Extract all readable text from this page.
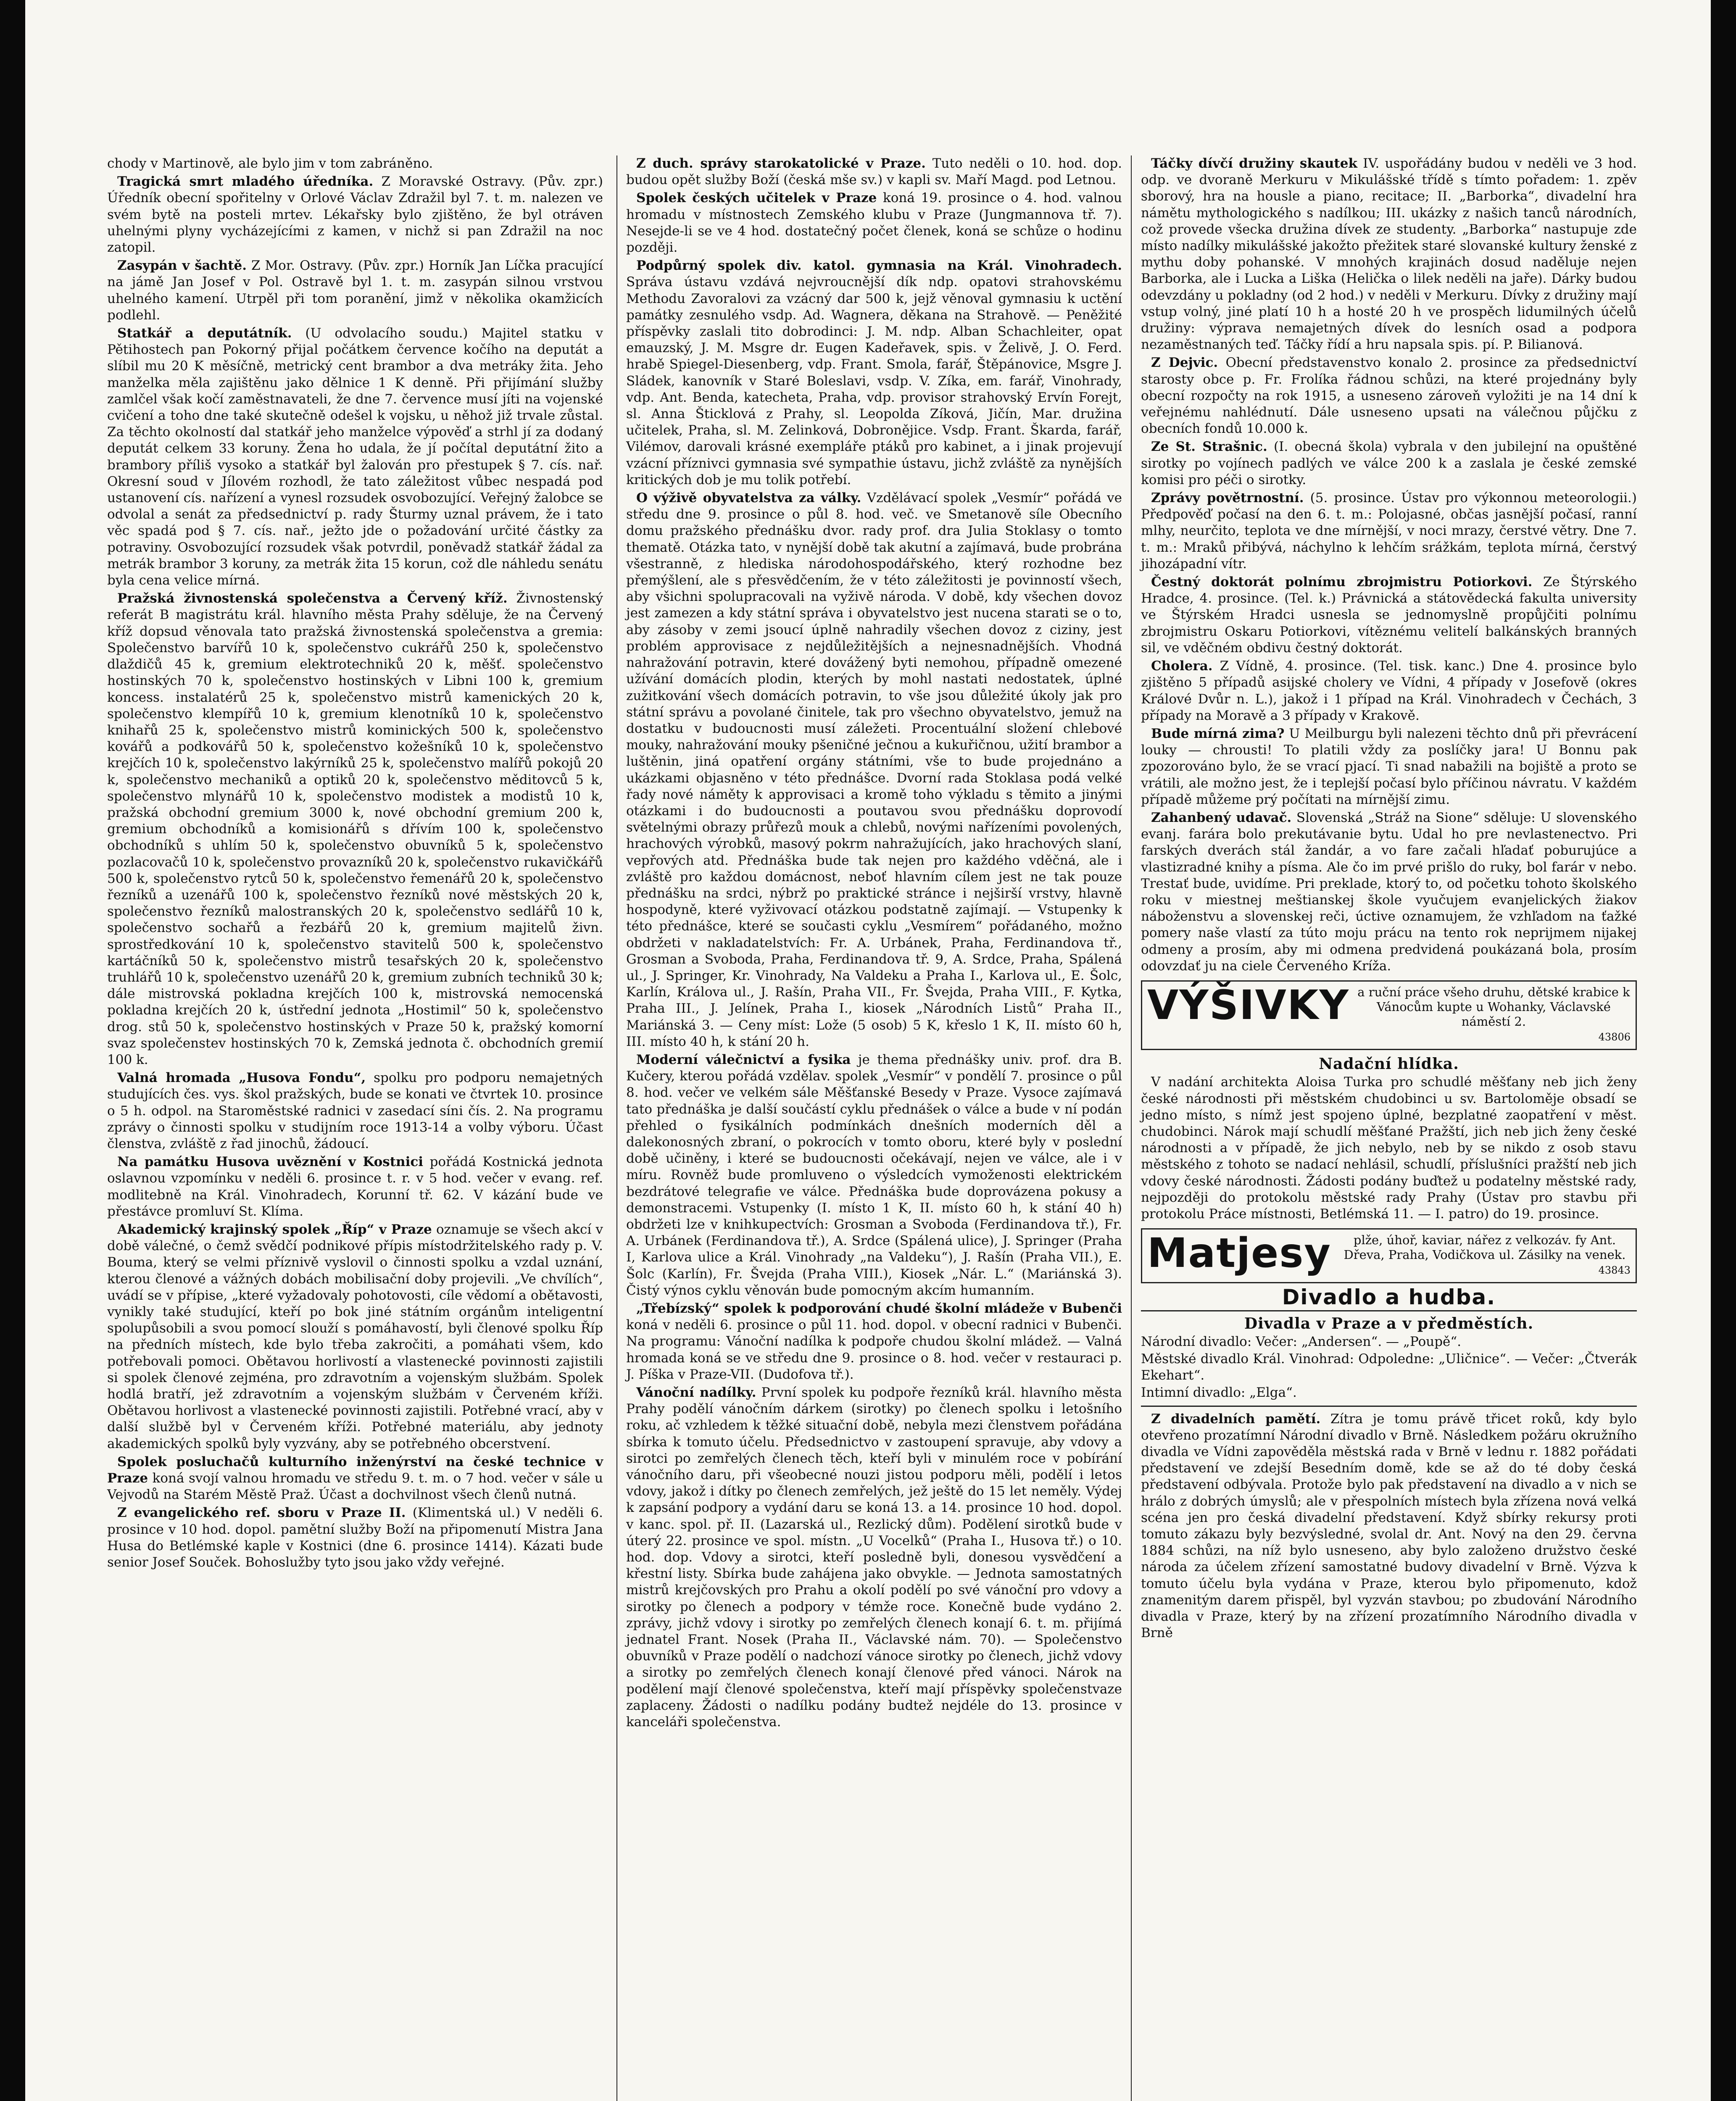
chody v Martinově, ale bylo jim v tom zabráněno.

Tragická smrt mladého úředníka. Z Moravské Ostravy. (Pův. zpr.) Úředník obecní spořitelny v Orlové Václav Zdražil byl 7. t. m. nalezen ve svém bytě na posteli mrtev. Lékařsky bylo zjištěno, že byl otráven uhelnými plyny vycházejícími z kamen, v nichž si pan Zdražil na noc zatopil.

Zasypán v šachtě. Z Mor. Ostravy. (Pův. zpr.) Horník Jan Líčka pracující na jámě Jan Josef v Pol. Ostravě byl 1. t. m. zasypán silnou vrstvou uhelného kamení. Utrpěl při tom poranění, jimž v několika okamžicích podlehl.

Statkář a deputátník. (U odvolacího soudu.) Majitel statku v Pětihostech pan Pokorný přijal počátkem července kočího na deputát a slíbil mu 20 K měsíčně, metrický cent brambor a dva metráky žita. Jeho manželka měla zajištěnu jako dělnice 1 K denně. Při přijímání služby zamlčel však kočí zaměstnavateli, že dne 7. července musí jíti na vojenské cvičení a toho dne také skutečně odešel k vojsku, u něhož již trvale zůstal. Za těchto okolností dal statkář jeho manželce výpověď a strhl jí za dodaný deputát celkem 33 koruny. Žena ho udala, že jí počítal deputátní žito a brambory příliš vysoko a statkář byl žalován pro přestupek § 7. cís. nař. Okresní soud v Jílovém rozhodl, že tato záležitost vůbec nespadá pod ustanovení cís. nařízení a vynesl rozsudek osvobozující. Veřejný žalobce se odvolal a senát za předsednictví p. rady Šturmy uznal právem, že i tato věc spadá pod § 7. cís. nař., ježto jde o požadování určité částky za potraviny. Osvobozující rozsudek však potvrdil, poněvadž statkář žádal za metrák brambor 3 koruny, za metrák žita 15 korun, což dle náhledu senátu byla cena velice mírná.

Pražská živnostenská společenstva a Červený kříž. Živnostenský referát B magistrátu král. hlavního města Prahy sděluje, že na Červený kříž dopsud věnovala tato pražská živnostenská společenstva a gremia: Společenstvo barvířů 10 k, společenstvo cukrářů 250 k, společenstvo dlaždičů 45 k, gremium elektrotechniků 20 k, měšť. společenstvo hostinských 70 k, společenstvo hostinských v Libni 100 k, gremium koncess. instalatérů 25 k, společenstvo mistrů kamenických 20 k, společenstvo klempířů 10 k, gremium klenotníků 10 k, společenstvo knihařů 25 k, společenstvo mistrů kominických 500 k, společenstvo kovářů a podkovářů 50 k, společenstvo kožešníků 10 k, společenstvo krejčích 10 k, společenstvo lakýrníků 25 k, společenstvo malířů pokojů 20 k, společenstvo mechaniků a optiků 20 k, společenstvo měditovců 5 k, společenstvo mlynářů 10 k, společenstvo modistek a modistů 10 k, pražská obchodní gremium 3000 k, nové obchodní gremium 200 k, gremium obchodníků a komisionářů s dřívím 100 k, společenstvo obchodníků s uhlím 50 k, společenstvo obuvníků 5 k, společenstvo pozlacovačů 10 k, společenstvo provazníků 20 k, společenstvo rukavičkářů 500 k, společenstvo rytců 50 k, společenstvo řemenářů 20 k, společenstvo řezníků a uzenářů 100 k, společenstvo řezníků nové městských 20 k, společenstvo řezníků malostranských 20 k, společenstvo sedlářů 10 k, společenstvo sochařů a řezbářů 20 k, gremium majitelů živn. sprostředkování 10 k, společenstvo stavitelů 500 k, společenstvo kartáčníků 50 k, společenstvo mistrů tesařských 20 k, společenstvo truhlářů 10 k, společenstvo uzenářů 20 k, gremium zubních techniků 30 k; dále mistrovská pokladna krejčích 100 k, mistrovská nemocenská pokladna krejčích 20 k, ústřední jednota „Hostimil“ 50 k, společenstvo drog. stů 50 k, společenstvo hostinských v Praze 50 k, pražský komorní svaz společenstev hostinských 70 k, Zemská jednota č. obchodních gremií 100 k.

Valná hromada „Husova Fondu“, spolku pro podporu nemajetných studujících čes. vys. škol pražských, bude se konati ve čtvrtek 10. prosince o 5 h. odpol. na Staroměstské radnici v zasedací síni čís. 2. Na programu zprávy o činnosti spolku v studijním roce 1913-14 a volby výboru. Účast členstva, zvláště z řad jinochů, žádoucí.

Na památku Husova uvěznění v Kostnici pořádá Kostnická jednota oslavnou vzpomínku v neděli 6. prosince t. r. v 5 hod. večer v evang. ref. modlitebně na Král. Vinohradech, Korunní tř. 62. V kázání bude ve přestávce promluví St. Klíma.

Akademický krajinský spolek „Říp“ v Praze oznamuje se všech akcí v době válečné, o čemž svědčí podnikové přípis místodržitelského rady p. V. Bouma, který se velmi příznivě vyslovil o činnosti spolku a vzdal uznání, kterou členové a vážných dobách mobilisační doby projevili. „Ve chvílích“, uvádí se v přípise, „které vyžadovaly pohotovosti, cíle vědomí a obětavosti, vynikly také studující, kteří po bok jiné státním orgánům inteligentní spolupůsobili a svou pomocí slouží s pomáhavostí, byli členové spolku Říp na předních místech, kde bylo třeba zakročiti, a pomáhati všem, kdo potřebovali pomoci. Obětavou horlivostí a vlastenecké povinnosti zajistili si spolek členové zejména, pro zdravotním a vojenským službám. Spolek hodlá bratří, jež zdravotním a vojenským službám v Červeném kříži. Obětavou horlivost a vlastenecké povinnosti zajistili. Potřebné vrací, aby v další službě byl v Červeném kříži. Potřebné materiálu, aby jednoty akademických spolků byly vyzvány, aby se potřebného obcerstvení.

Spolek posluchačů kulturního inženýrství na české technice v Praze koná svojí valnou hromadu ve středu 9. t. m. o 7 hod. večer v sále u Vejvodů na Starém Městě Praž. Účast a dochvilnost všech členů nutná.

Z evangelického ref. sboru v Praze II. (Klimentská ul.) V neděli 6. prosince v 10 hod. dopol. pamětní služby Boží na připomenutí Mistra Jana Husa do Betlémské kaple v Kostnici (dne 6. prosince 1414). Kázati bude senior Josef Souček. Bohoslužby tyto jsou jako vždy veřejné.

Z duch. správy starokatolické v Praze. Tuto neděli o 10. hod. dop. budou opět služby Boží (česká mše sv.) v kapli sv. Maří Magd. pod Letnou.

Spolek českých učitelek v Praze koná 19. prosince o 4. hod. valnou hromadu v místnostech Zemského klubu v Praze (Jungmannova tř. 7). Nesejde-li se ve 4 hod. dostatečný počet členek, koná se schůze o hodinu později.

Podpůrný spolek div. katol. gymnasia na Král. Vinohradech. Správa ústavu vzdává nejvroucnější dík ndp. opatovi strahovskému Methodu Zavoralovi za vzácný dar 500 k, jejž věnoval gymnasiu k uctění památky zesnulého vsdp. Ad. Wagnera, děkana na Strahově. — Peněžité příspěvky zaslali tito dobrodinci: J. M. ndp. Alban Schachleiter, opat emauzský, J. M. Msgre dr. Eugen Kadeřavek, spis. v Želivě, J. O. Ferd. hrabě Spiegel-Diesenberg, vdp. Frant. Smola, farář, Štěpánovice, Msgre J. Sládek, kanovník v Staré Boleslavi, vsdp. V. Zíka, em. farář, Vinohrady, vdp. Ant. Benda, katecheta, Praha, vdp. provisor strahovský Ervín Forejt, sl. Anna Šticklová z Prahy, sl. Leopolda Zíková, Jičín, Mar. družina učitelek, Praha, sl. M. Zelinková, Dobronějice. Vsdp. Frant. Škarda, farář, Vilémov, darovali krásné exempláře ptáků pro kabinet, a i jinak projevují vzácní příznivci gymnasia své sympathie ústavu, jichž zvláště za nynějších kritických dob je mu tolik potřebí.

O výživě obyvatelstva za války. Vzdělávací spolek „Vesmír“ pořádá ve středu dne 9. prosince o půl 8. hod. več. ve Smetanově síle Obecního domu pražského přednášku dvor. rady prof. dra Julia Stoklasy o tomto thematě. Otázka tato, v nynější době tak akutní a zajímavá, bude probrána všestranně, z hlediska národohospodářského, který rozhodne bez přemýšlení, ale s přesvědčením, že v této záležitosti je povinností všech, aby všichni spolupracovali na vyživě národa. V době, kdy všechen dovoz jest zamezen a kdy státní správa i obyvatelstvo jest nucena starati se o to, aby zásoby v zemi jsoucí úplně nahradily všechen dovoz z ciziny, jest problém approvisace z nejdůležitějších a nejnesnadnějších. Vhodná nahražování potravin, které dovážený byti nemohou, případně omezené užívání domácích plodin, kterých by mohl nastati nedostatek, úplné zužitkování všech domácích potravin, to vše jsou důležité úkoly jak pro státní správu a povolané činitele, tak pro všechno obyvatelstvo, jemuž na dostatku v budoucnosti musí záležeti. Procentuální složení chlebové mouky, nahražování mouky pšeničné ječnou a kukuřičnou, užití brambor a luštěnin, jiná opatření orgány státními, vše to bude projednáno a ukázkami objasněno v této přednášce. Dvorní rada Stoklasa podá velké řady nové náměty k approvisaci a kromě toho výkladu s těmito a jinými otázkami i do budoucnosti a poutavou svou přednášku doprovodí světelnými obrazy průřezů mouk a chlebů, novými nařízeními povolených, hrachových výrobků, masový pokrm nahražujících, jako hrachových slaní, vepřových atd. Přednáška bude tak nejen pro každého vděčná, ale i zvláště pro každou domácnost, neboť hlavním cílem jest ne tak pouze přednášku na srdci, nýbrž po praktické stránce i nejširší vrstvy, hlavně hospodyně, které vyživovací otázkou podstatně zajímají. — Vstupenky k této přednášce, které se současti cyklu „Vesmírem“ pořádaného, možno obdržeti v nakladatelstvích: Fr. A. Urbánek, Praha, Ferdinandova tř., Grosman a Svoboda, Praha, Ferdinandova tř. 9, A. Srdce, Praha, Spálená ul., J. Springer, Kr. Vinohrady, Na Valdeku a Praha I., Karlova ul., E. Šolc, Karlín, Králova ul., J. Rašín, Praha VII., Fr. Švejda, Praha VIII., F. Kytka, Praha III., J. Jelínek, Praha I., kiosek „Národních Listů“ Praha II., Mariánská 3. — Ceny míst: Lože (5 osob) 5 K, křeslo 1 K, II. místo 60 h, III. místo 40 h, k stání 20 h.

Moderní válečnictví a fysika je thema přednášky univ. prof. dra B. Kučery, kterou pořádá vzdělav. spolek „Vesmír“ v pondělí 7. prosince o půl 8. hod. večer ve velkém sále Měšťanské Besedy v Praze. Vysoce zajímavá tato přednáška je další součástí cyklu přednášek o válce a bude v ní podán přehled o fysikálních podmínkách dnešních moderních děl a dalekonosných zbraní, o pokrocích v tomto oboru, které byly v poslední době učiněny, i které se budoucnosti očekávají, nejen ve válce, ale i v míru. Rovněž bude promluveno o výsledcích vymoženosti elektrickém bezdrátové telegrafie ve válce. Přednáška bude doprovázena pokusy a demonstracemi. Vstupenky (I. místo 1 K, II. místo 60 h, k stání 40 h) obdržeti lze v knihkupectvích: Grosman a Svoboda (Ferdinandova tř.), Fr. A. Urbánek (Ferdinandova tř.), A. Srdce (Spálená ulice), J. Springer (Praha I, Karlova ulice a Král. Vinohrady „na Valdeku“), J. Rašín (Praha VII.), E. Šolc (Karlín), Fr. Švejda (Praha VIII.), Kiosek „Nár. L.“ (Mariánská 3). Čistý výnos cyklu věnován bude pomocným akcím humanním.

„Třebízský“ spolek k podporování chudé školní mládeže v Bubenči koná v neděli 6. prosince o půl 11. hod. dopol. v obecní radnici v Bubenči. Na programu: Vánoční nadílka k podpoře chudou školní mládež. — Valná hromada koná se ve středu dne 9. prosince o 8. hod. večer v restauraci p. J. Píška v Praze-VII. (Dudofova tř.).

Vánoční nadílky. První spolek ku podpoře řezníků král. hlavního města Prahy podělí vánočním dárkem (sirotky) po členech spolku i letošního roku, ač vzhledem k těžké situační době, nebyla mezi členstvem pořádána sbírka k tomuto účelu. Předsednictvo v zastoupení spravuje, aby vdovy a sirotci po zemřelých členech těch, kteří byli v minulém roce v pobírání vánočního daru, při všeobecné nouzi jistou podporu měli, podělí i letos vdovy, jakož i dítky po členech zemřelých, jež ještě do 15 let neměly. Výdej k zapsání podpory a vydání daru se koná 13. a 14. prosince 10 hod. dopol. v kanc. spol. př. II. (Lazarská ul., Rezlický dům). Podělení sirotků bude v úterý 22. prosince ve spol. místn. „U Vocelků“ (Praha I., Husova tř.) o 10. hod. dop. Vdovy a sirotci, kteří posledně byli, donesou vysvědčení a křestní listy. Sbírka bude zahájena jako obvykle. — Jednota samostatných mistrů krejčovských pro Prahu a okolí podělí po své vánoční pro vdovy a sirotky po členech a podpory v témže roce. Konečně bude vydáno 2. zprávy, jichž vdovy i sirotky po zemřelých členech konají 6. t. m. přijímá jednatel Frant. Nosek (Praha II., Václavské nám. 70). — Společenstvo obuvníků v Praze podělí o nadchozí vánoce sirotky po členech, jichž vdovy a sirotky po zemřelých členech konají členové před vánoci. Nárok na podělení mají členové společenstva, kteří mají příspěvky společenstvaze zaplaceny. Žádosti o nadílku podány budtež nejdéle do 13. prosince v kanceláři společenstva.

Táčky dívčí družiny skautek IV. uspořádány budou v neděli ve 3 hod. odp. ve dvoraně Merkuru v Mikulášské třídě s tímto pořadem: 1. zpěv sborový, hra na housle a piano, recitace; II. „Barborka“, divadelní hra námětu mythologického s nadílkou; III. ukázky z našich tanců národních, což provede všecka družina dívek ze studenty. „Barborka“ nastupuje zde místo nadílky mikulášské jakožto přežitek staré slovanské kultury ženské z mythu doby pohanské. V mnohých krajinách dosud naděluje nejen Barborka, ale i Lucka a Liška (Helička o lilek neděli na jaře). Dárky budou odevzdány u pokladny (od 2 hod.) v neděli v Merkuru. Dívky z družiny mají vstup volný, jiné platí 10 h a hosté 20 h ve prospěch lidumilných účelů družiny: výprava nemajetných dívek do lesních osad a podpora nezaměstnaných teď. Táčky řídí a hru napsala spis. pí. P. Bilianová.

Z Dejvic. Obecní představenstvo konalo 2. prosince za předsednictví starosty obce p. Fr. Frolíka řádnou schůzi, na které projednány byly obecní rozpočty na rok 1915, a usneseno zároveň vyložiti je na 14 dní k veřejnému nahlédnutí. Dále usneseno upsati na válečnou půjčku z obecních fondů 10.000 k.

Ze St. Strašnic. (I. obecná škola) vybrala v den jubilejní na opuštěné sirotky po vojínech padlých ve válce 200 k a zaslala je české zemské komisi pro péči o sirotky.

Zprávy povětrnostní. (5. prosince. Ústav pro výkonnou meteorologii.) Předpověď počasí na den 6. t. m.: Polojasné, občas jasnější počasí, ranní mlhy, neurčito, teplota ve dne mírnější, v noci mrazy, čerstvé větry. Dne 7. t. m.: Mraků přibývá, náchylno k lehčím srážkám, teplota mírná, čerstvý jihozápadní vítr.

Čestný doktorát polnímu zbrojmistru Potiorkovi. Ze Štýrského Hradce, 4. prosince. (Tel. k.) Právnická a státovědecká fakulta university ve Štýrském Hradci usnesla se jednomyslně propůjčiti polnímu zbrojmistru Oskaru Potiorkovi, vítěznému velitelí balkánských branných sil, ve vděčném obdivu čestný doktorát.

Cholera. Z Vídně, 4. prosince. (Tel. tisk. kanc.) Dne 4. prosince bylo zjištěno 5 případů asijské cholery ve Vídni, 4 případy v Josefově (okres Králové Dvůr n. L.), jakož i 1 případ na Král. Vinohradech v Čechách, 3 případy na Moravě a 3 případy v Krakově.

Bude mírná zima? U Meilburgu byli nalezeni těchto dnů při převrácení louky — chrousti! To platili vždy za poslíčky jara! U Bonnu pak zpozorováno bylo, že se vrací pjací. Ti snad nabažili na bojiště a proto se vrátili, ale možno jest, že i teplejší počasí bylo příčinou návratu. V každém případě můžeme prý počítati na mírnější zimu.

Zahanbený udavač. Slovenská „Stráž na Sione“ sděluje: U slovenského evanj. farára bolo prekutávanie bytu. Udal ho pre nevlastenectvo. Pri farských dverách stál žandár, a vo fare začali hľadať poburujúce a vlastizradné knihy a písma. Ale čo im prvé prišlo do ruky, bol farár v nebo. Trestať bude, uvidíme. Pri preklade, ktorý to, od početku tohoto školského roku v miestnej meštianskej škole vyučujem evanjelických žiakov náboženstvu a slovenskej reči, úctive oznamujem, že vzhľadom na ťažké pomery naše vlastí za túto moju prácu na tento rok neprijmem nijakej odmeny a prosím, aby mi odmena predvidená poukázaná bola, prosím odovzdať ju na ciele Červeného Kríža.

VÝŠIVKY a ruční práce všeho druhu, dětské krabice k Vánocům kupte u Wohanky, Václavské náměstí 2.
43806
Nadační hlídka.

V nadání architekta Aloisa Turka pro schudlé měšťany neb jich ženy české národnosti při městském chudobinci u sv. Bartoloměje obsadí se jedno místo, s nímž jest spojeno úplné, bezplatné zaopatření v měst. chudobinci. Nárok mají schudlí měšťané Pražští, jich neb jich ženy české národnosti a v případě, že jich nebylo, neb by se nikdo z osob stavu městského z tohoto se nadací nehlásil, schudlí, příslušníci pražští neb jich vdovy české národnosti. Žádosti podány buďtež u podatelny městské rady, nejpozději do protokolu městské rady Prahy (Ústav pro stavbu při protokolu Práce místnosti, Betlémská 11. — I. patro) do 19. prosince.

Matjesy	plže, úhoř, kaviar, nářez z velkozáv. fy Ant. Dřeva, Praha, Vodičkova ul. Zásilky na venek.
43843
Divadlo a hudba.
Divadla v Praze a v předměstích.

Národní divadlo: Večer: „Andersen“. — „Poupě“.

Městské divadlo Král. Vinohrad: Odpoledne: „Uličnice“. — Večer: „Čtverák Ekehart“.

Intimní divadlo: „Elga“.

Z divadelních pamětí. Zítra je tomu právě třicet roků, kdy bylo otevřeno prozatímní Národní divadlo v Brně. Následkem požáru okružního divadla ve Vídni zapověděla městská rada v Brně v lednu r. 1882 pořádati představení ve zdejší Besedním domě, kde se až do té doby česká představení odbývala. Protože bylo pak představení na divadlo a v nich se hrálo z dobrých úmyslů; ale v přespolních místech byla zřízena nová velká scéna jen pro česká divadelní představení. Když sbírky rekursy proti tomuto zákazu byly bezvýsledné, svolal dr. Ant. Nový na den 29. června 1884 schůzi, na níž bylo usneseno, aby bylo založeno družstvo české národa za účelem zřízení samostatné budovy divadelní v Brně. Výzva k tomuto účelu byla vydána v Praze, kterou bylo připomenuto, kdož znamenitým darem přispěl, byl vyzván stavbou; po zbudování Národního divadla v Praze, který by na zřízení prozatímního Národního divadla v Brně
